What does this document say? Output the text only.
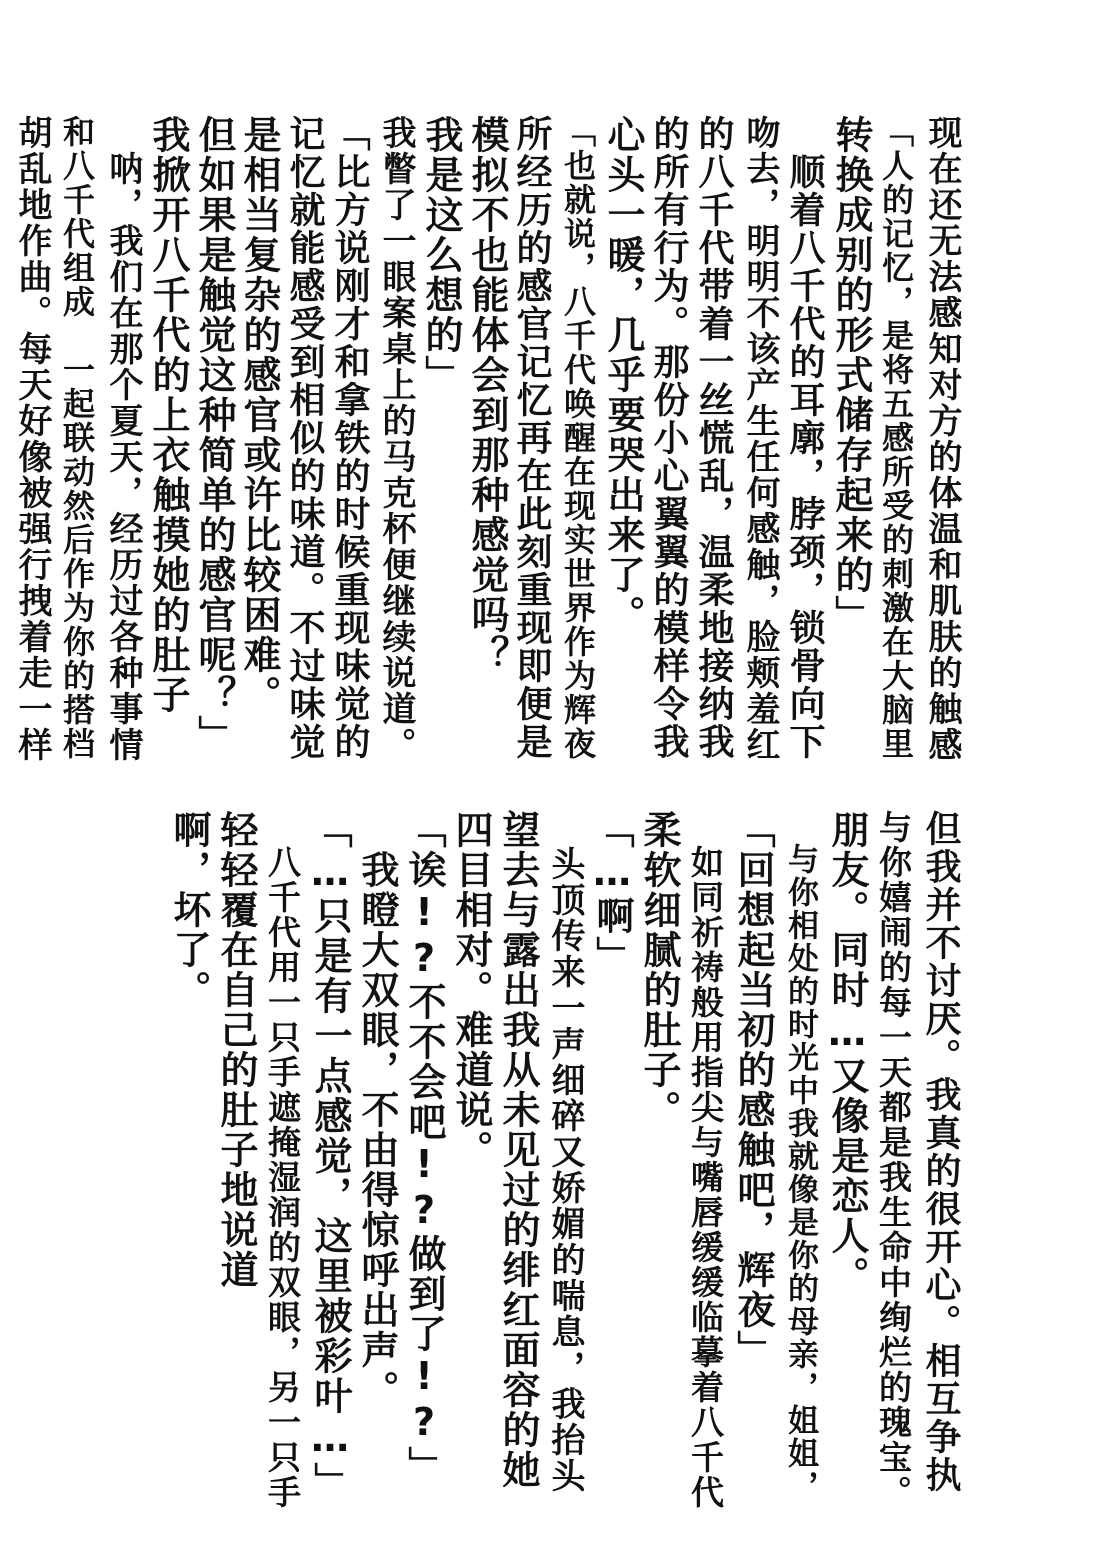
现在还无法感知对方的体温和肌肤的触感
「人的记忆，是将五感所受的刺激在大脑里
转换成别的形式储存起来的」
　顺着八千代的耳廓，脖颈，锁骨向下
吻去，明明不该产生任何感触，脸颊羞红
的八千代带着一丝慌乱，温柔地接纳我
的所有行为。那份小心翼翼的模样令我
心头一暖，几乎要哭出来了。
「也就说，八千代唤醒在现实世界作为辉夜
所经历的感官记忆再在此刻重现即便是
模拟不也能体会到那种感觉吗？
我是这么想的」
我瞥了一眼案桌上的马克杯便继续说道。
「比方说刚才和拿铁的时候重现味觉的
记忆就能感受到相似的味道。不过味觉
是相当复杂的感官或许比较困难。
但如果是触觉这种简单的感官呢？」
我掀开八千代的上衣触摸她的肚子
　呐，我们在那个夏天，经历过各种事情
和八千代组成　一起联动然后作为你的搭档
胡乱地作曲。每天好像被强行拽着走一样
但我并不讨厌。我真的很开心。相互争执
与你嬉闹的每一天都是我生命中绚烂的瑰宝。
朋友。同时…又像是恋人。
　与你相处的时光中我就像是你的母亲，姐姐，
「回想起当初的感触吧，辉夜」
　如同祈祷般用指尖与嘴唇缓缓临摹着八千代
柔软细腻的肚子。
「…啊」
　头顶传来一声细碎又娇媚的喘息，我抬头
望去与露出我从未见过的绯红面容的她
四目相对。难道说。
「诶!?不不会吧!?做到了!?」
　我瞪大双眼，不由得惊呼出声。
「…只是有一点感觉，这里被彩叶…」
　八千代用一只手遮掩湿润的双眼，另一只手
轻轻覆在自己的肚子地说道
啊，坏了。
